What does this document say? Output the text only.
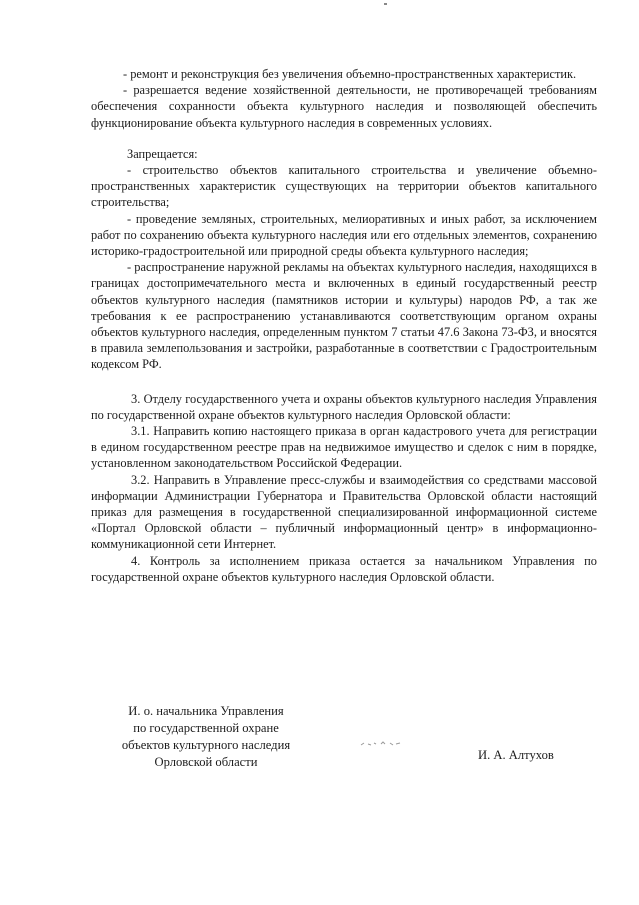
- ремонт и реконструкция без увеличения объемно-пространственных характеристик.

- разрешается ведение хозяйственной деятельности, не противоречащей требованиям обеспечения сохранности объекта культурного наследия и позволяющей обеспечить функционирование объекта культурного наследия в современных условиях.

Запрещается:

- строительство объектов капитального строительства и увеличение объемно-пространственных характеристик существующих на территории объектов капитального строительства;

- проведение земляных, строительных, мелиоративных и иных работ, за исключением работ по сохранению объекта культурного наследия или его отдельных элементов, сохранению историко-градостроительной или природной среды объекта культурного наследия;

- распространение наружной рекламы на объектах культурного наследия, находящихся в границах достопримечательного места и включенных в единый государственный реестр объектов культурного наследия (памятников истории и культуры) народов РФ, а так же требования к ее распространению устанавливаются соответствующим органом охраны объектов культурного наследия, определенным пунктом 7 статьи 47.6 Закона 73-ФЗ, и вносятся в правила землепользования и застройки, разработанные в соответствии с Градостроительным кодексом РФ.

3. Отделу государственного учета и охраны объектов культурного наследия Управления по государственной охране объектов культурного наследия Орловской области:

3.1. Направить копию настоящего приказа в орган кадастрового учета для регистрации в едином государственном реестре прав на недвижимое имущество и сделок с ним в порядке, установленном законодательством Российской Федерации.

3.2. Направить в Управление пресс-службы и взаимодействия со средствами массовой информации Администрации Губернатора и Правительства Орловской области настоящий приказ для размещения в государственной специализированной информационной системе «Портал Орловской области – публичный информационный центр» в информационно-коммуникационной сети Интернет.

4. Контроль за исполнением приказа остается за начальником Управления по государственной охране объектов культурного наследия Орловской области.

И. о. начальника Управления
по государственной охране
объектов культурного наследия
Орловской области	И. А. Алтухов
